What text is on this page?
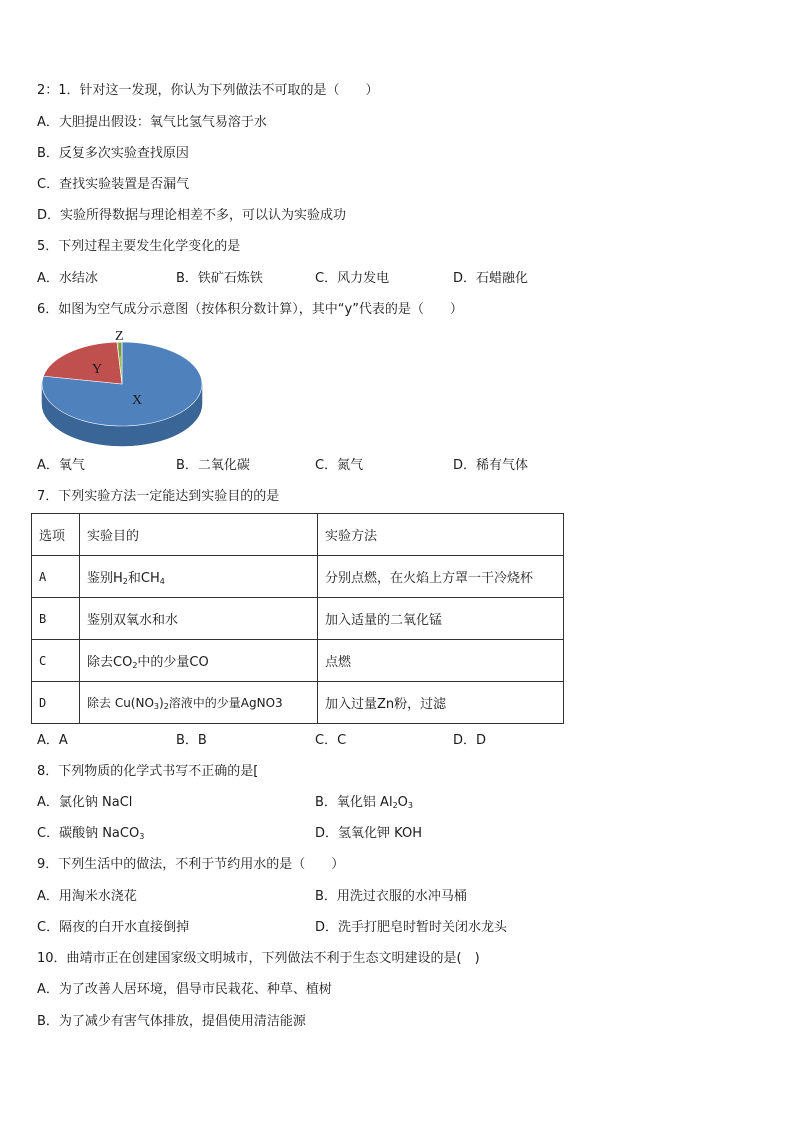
2：1．针对这一发现，你认为下列做法不可取的是（　　）
A．大胆提出假设：氧气比氢气易溶于水
B．反复多次实验查找原因
C．查找实验装置是否漏气
D．实验所得数据与理论相差不多，可以认为实验成功
5．下列过程主要发生化学变化的是
A．水结冰	B．铁矿石炼铁	C．风力发电	D．石蜡融化
6．如图为空气成分示意图（按体积分数计算），其中“y”代表的是（　　）
X
Y
Z
A．氧气	B．二氧化碳	C．氮气	D．稀有气体
7．下列实验方法一定能达到实验目的的是
选项	实验目的	实验方法
A	鉴别$H_2$和$CH_4$	分别点燃，在火焰上方罩一干冷烧杯
B	鉴别双氧水和水	加入适量的二氧化锰
C	除去$CO_2$中的少量CO	点燃
D	除去 $Cu(NO_3)_2$溶液中的少量AgNO3	加入过量Zn粉，过滤
A．A	B．B	C．C	D．D
8．下列物质的化学式书写不正确的是[
A．氯化钠 NaCl	B．氧化铝 $Al_2O_3$
C．碳酸钠 NaCO$_3$	D．氢氧化钾 KOH
9．下列生活中的做法，不利于节约用水的是（　　）
A．用淘米水浇花	B．用洗过衣服的水冲马桶
C．隔夜的白开水直接倒掉	D．洗手打肥皂时暂时关闭水龙头
10．曲靖市正在创建国家级文明城市，下列做法不利于生态文明建设的是(　)
A．为了改善人居环境，倡导市民栽花、种草、植树
B．为了减少有害气体排放，提倡使用清洁能源
